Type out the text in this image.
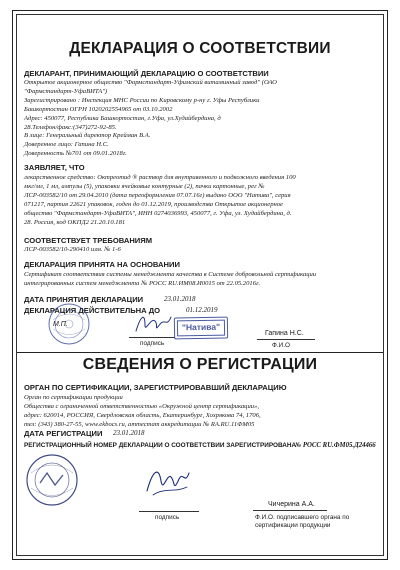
ДЕКЛАРАЦИЯ О СООТВЕТСТВИИ
ДЕКЛАРАНТ, ПРИНИМАЮЩИЙ ДЕКЛАРАЦИЮ О СООТВЕТСТВИИ
Открытое акционерное общество "Фармстандарт-Уфимский витаминный завод" (ОАО
"Фармстандарт-УфаВИТА")
Зарегистрировано : Инспекция МНС России по Кировскому р-ну г. Уфы Республики
Башкортостан ОГРН 1020202554965 от 03.10.2002
Адрес: 450077, Республика Башкортостан, г.Уфа, ул.Худайбердина, д
28.Телефон/факс:(347)272-92-85.
В лице: Генеральный директор Крейман В.А.
Доверенное лицо: Гапина Н.С.
Доверенность №701 от 09.01.2018г.
ЗАЯВЛЯЕТ, ЧТО
лекарственное средство: Октреотид ® раствор для внутривенного и подкожного введения 100
мкг/мл, 1 мл, ампулы (5), упаковки ячейковые контурные (2), пачки картонные, рег №
ЛСР-003582/10 от 29.04.2010 (дата переоформления 07.07.16г) выдано ООО "Натива", серия
071217, партия 22621 упаковок, годен до 01.12.2019, производства Открытое акционерное
общество "Фармстандарт-УфаВИТА", ИНН 0274036993, 450077, г. Уфа, ул. Худайбердина, д.
28. Россия, код ОКПД2 21.20.10.181
СООТВЕТСТВУЕТ ТРЕБОВАНИЯМ
ЛСР-003582/10-290410 изм. № 1-6
ДЕКЛАРАЦИЯ ПРИНЯТА НА ОСНОВАНИИ
Сертификат соответствия системы менеджмента качества в Системе добровольной сертификации
интегрированных систем менеджмента № РОСС RU.ИМ08.И0015 от 22.05.2016г.
ДАТА ПРИНЯТИЯ ДЕКЛАРАЦИИ	23.01.2018
ДЕКЛАРАЦИЯ ДЕЙСТВИТЕЛЬНА ДО	01.12.2019
М.П.
подпись
"Натива"
Гапина Н.С.
Ф.И.О
СВЕДЕНИЯ О РЕГИСТРАЦИИ
ОРГАН ПО СЕРТИФИКАЦИИ, ЗАРЕГИСТРИРОВАВШИЙ ДЕКЛАРАЦИЮ
Орган по сертификации продукции
Общества с ограниченной ответственностью «Окружной центр сертификации»,
адрес: 620014, РОССИЯ, Свердловская область, Екатеринбург, Хохрякова 74, 1706,
тел: (343) 380-27-55, www.ekbocs.ru, аттестат аккредитации № RA.RU.11ФМ05
ДАТА РЕГИСТРАЦИИ 23.01.2018
РЕГИСТРАЦИОННЫЙ НОМЕР ДЕКЛАРАЦИИ О СООТВЕТСТВИИ ЗАРЕГИСТРИРОВАНА
№ РОСС RU.ФМ05.Д24466
подпись
Чичерина А.А.
Ф.И.О. подписавшего органа по
сертификации продукции
